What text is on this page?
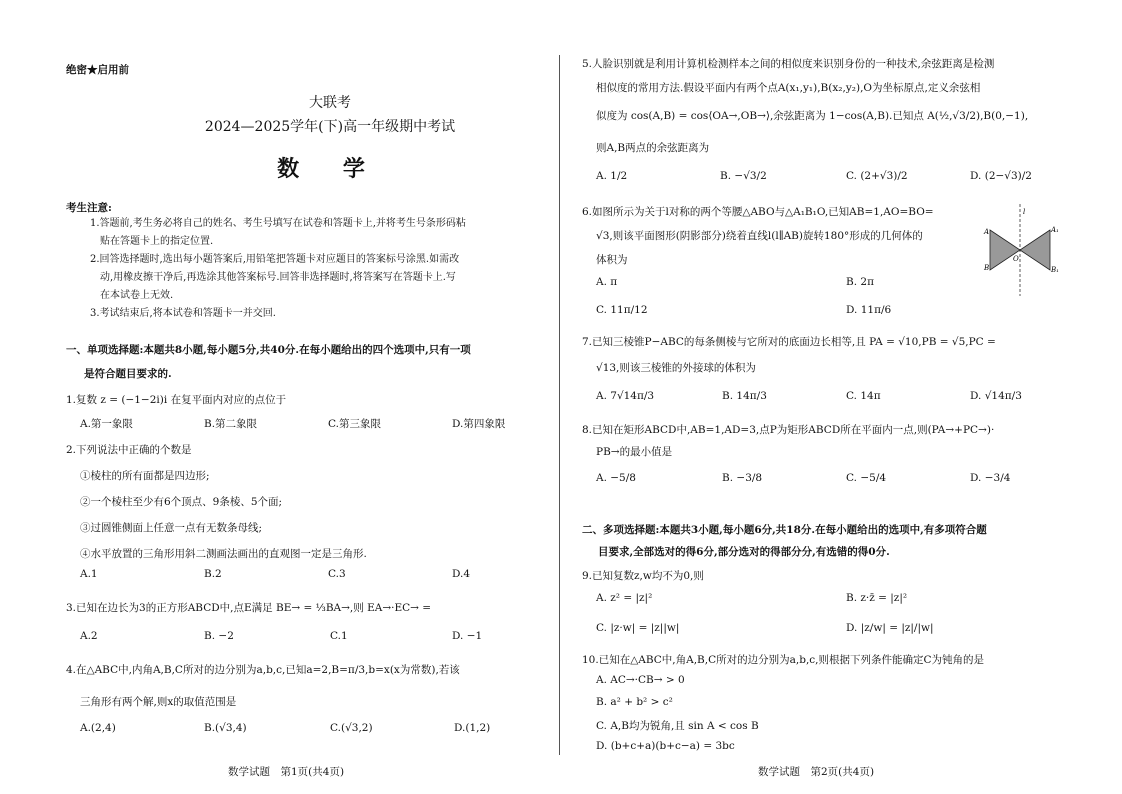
绝密★启用前
大联考
2024—2025学年(下)高一年级期中考试
数 学
考生注意:
1.答题前,考生务必将自己的姓名、考生号填写在试卷和答题卡上,并将考生号条形码粘
贴在答题卡上的指定位置.
2.回答选择题时,选出每小题答案后,用铅笔把答题卡对应题目的答案标号涂黑.如需改
动,用橡皮擦干净后,再选涂其他答案标号.回答非选择题时,将答案写在答题卡上.写
在本试卷上无效.
3.考试结束后,将本试卷和答题卡一并交回.
一、单项选择题:本题共8小题,每小题5分,共40分.在每小题给出的四个选项中,只有一项
是符合题目要求的.
1.复数 z = (−1−2i)i 在复平面内对应的点位于
A.第一象限	B.第二象限	C.第三象限	D.第四象限
2.下列说法中正确的个数是
①棱柱的所有面都是四边形;
②一个棱柱至少有6个顶点、9条棱、5个面;
③过圆锥侧面上任意一点有无数条母线;
④水平放置的三角形用斜二测画法画出的直观图一定是三角形.
A.1	B.2	C.3	D.4
3.已知在边长为3的正方形ABCD中,点E满足 BE→ = ⅓BA→,则 EA→·EC→ =
A.2	B. −2	C.1	D. −1
4.在△ABC中,内角A,B,C所对的边分别为a,b,c,已知a=2,B=π/3,b=x(x为常数),若该
三角形有两个解,则x的取值范围是
A.(2,4)	B.(√3,4)	C.(√3,2)	D.(1,2)
数学试题　第1页(共4页)
5.人脸识别就是利用计算机检测样本之间的相似度来识别身份的一种技术,余弦距离是检测
相似度的常用方法.假设平面内有两个点A(x₁,y₁),B(x₂,y₂),O为坐标原点,定义余弦相
似度为 cos(A,B) = cos⟨OA→,OB→⟩,余弦距离为 1−cos(A,B).已知点 A(½,√3/2),B(0,−1),
则A,B两点的余弦距离为
A. 1/2	B. −√3/2	C. (2+√3)/2	D. (2−√3)/2
6.如图所示为关于l对称的两个等腰△ABO与△A₁B₁O,已知AB=1,AO=BO=
√3,则该平面图形(阴影部分)绕着直线l(l∥AB)旋转180°形成的几何体的
体积为
A. π	B. 2π
C. 11π/12	D. 11π/6
A
B
O
A₁
B₁
l
7.已知三棱锥P−ABC的每条侧棱与它所对的底面边长相等,且 PA = √10,PB = √5,PC =
√13,则该三棱锥的外接球的体积为
A. 7√14π/3	B. 14π/3	C. 14π	D. √14π/3
8.已知在矩形ABCD中,AB=1,AD=3,点P为矩形ABCD所在平面内一点,则(PA→+PC→)·
PB→的最小值是
A. −5/8	B. −3/8	C. −5/4	D. −3/4
二、多项选择题:本题共3小题,每小题6分,共18分.在每小题给出的选项中,有多项符合题
目要求,全部选对的得6分,部分选对的得部分分,有选错的得0分.
9.已知复数z,w均不为0,则
A. z² = |z|²	B. z·z̄ = |z|²
C. |z·w| = |z||w|	D. |z/w| = |z|/|w|
10.已知在△ABC中,角A,B,C所对的边分别为a,b,c,则根据下列条件能确定C为钝角的是
A. AC→·CB→ > 0
B. a² + b² > c²
C. A,B均为锐角,且 sin A < cos B
D. (b+c+a)(b+c−a) = 3bc
数学试题　第2页(共4页)
